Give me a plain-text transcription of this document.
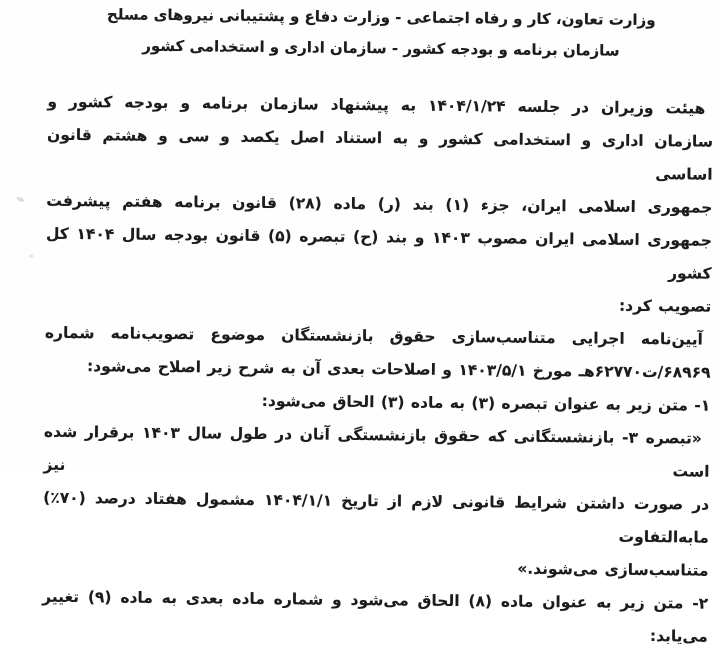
وزارت تعاون، کار و رفاه اجتماعی - وزارت دفاع و پشتیبانی نیروهای مسلح
سازمان برنامه و بودجه کشور - سازمان اداری و استخدامی کشور
هیئت وزیران در جلسه ۱۴۰۴/۱/۲۴ به پیشنهاد سازمان برنامه و بودجه کشور و
سازمان اداری و استخدامی کشور و به استناد اصل یکصد و سی و هشتم قانون اساسی
جمهوری اسلامی ایران، جزء (۱) بند (ر) ماده (۲۸) قانون برنامه هفتم پیشرفت
جمهوری اسلامی ایران مصوب ۱۴۰۳ و بند (ح) تبصره (۵) قانون بودجه سال ۱۴۰۴ کل کشور
تصویب کرد:
آیین‌نامه اجرایی متناسب‌سازی حقوق بازنشستگان موضوع تصویب‌نامه شماره
۶۸۹۶۹/ت۶۲۷۷۰هـ مورخ ۱۴۰۳/۵/۱ و اصلاحات بعدی آن به شرح زیر اصلاح می‌شود:
۱- متن زیر به عنوان تبصره (۳) به ماده (۳) الحاق می‌شود:
«تبصره ۳- بازنشستگانی که حقوق بازنشستگی آنان در طول سال ۱۴۰۳ برقرار شده است نیز
در صورت داشتن شرایط قانونی لازم از تاریخ ۱۴۰۴/۱/۱ مشمول هفتاد درصد (۷۰٪) مابه‌التفاوت
متناسب‌سازی می‌شوند.»
۲- متن زیر به عنوان ماده (۸) الحاق می‌شود و شماره ماده بعدی به ماده (۹) تغییر می‌یابد:
